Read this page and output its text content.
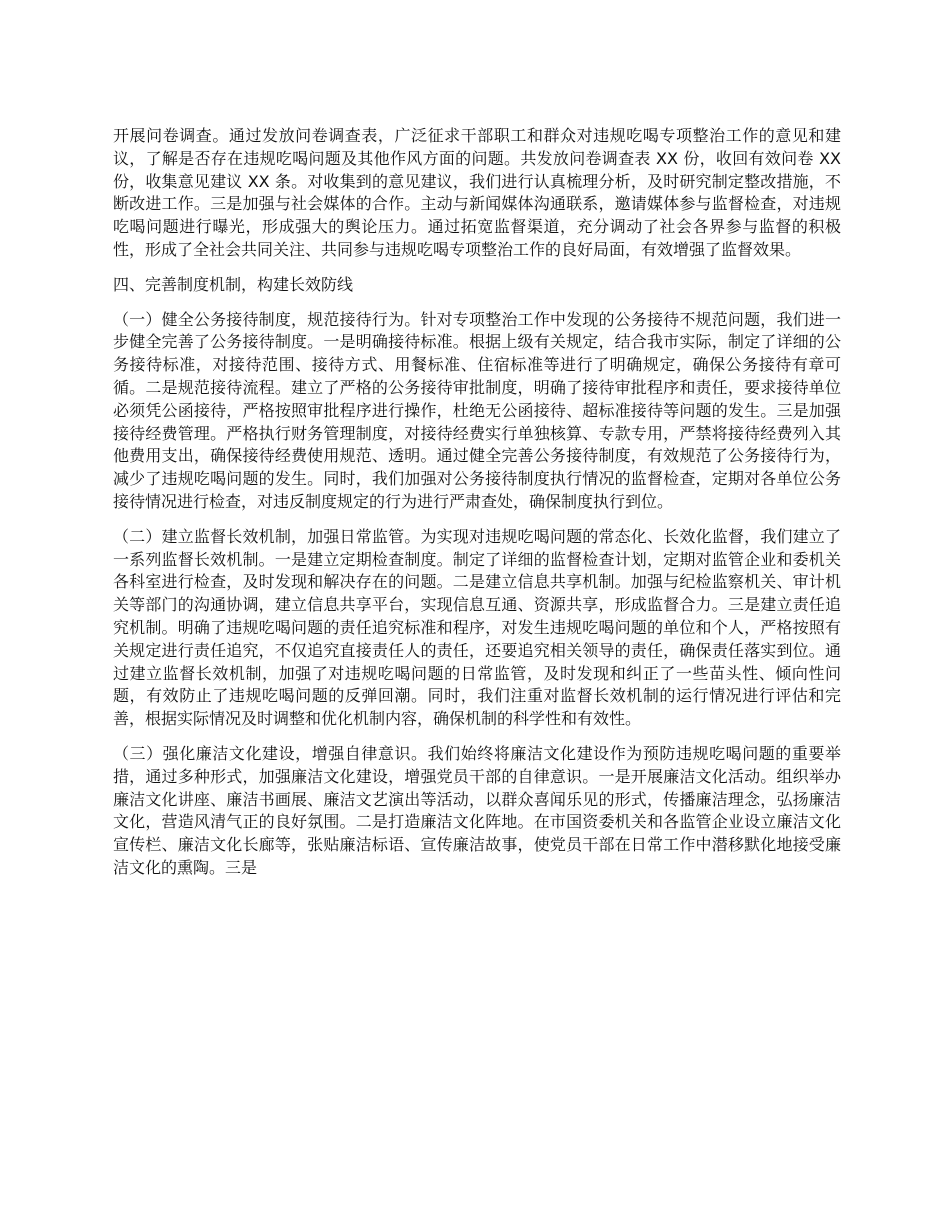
开展问卷调查。通过发放问卷调查表，广泛征求干部职工和群众对违规吃喝专项整治工作的意见和建议，了解是否存在违规吃喝问题及其他作风方面的问题。共发放问卷调查表 XX 份，收回有效问卷 XX 份，收集意见建议 XX 条。对收集到的意见建议，我们进行认真梳理分析，及时研究制定整改措施，不断改进工作。三是加强与社会媒体的合作。主动与新闻媒体沟通联系，邀请媒体参与监督检查，对违规吃喝问题进行曝光，形成强大的舆论压力。通过拓宽监督渠道，充分调动了社会各界参与监督的积极性，形成了全社会共同关注、共同参与违规吃喝专项整治工作的良好局面，有效增强了监督效果。

四、完善制度机制，构建长效防线

（一）健全公务接待制度，规范接待行为。针对专项整治工作中发现的公务接待不规范问题，我们进一步健全完善了公务接待制度。一是明确接待标准。根据上级有关规定，结合我市实际，制定了详细的公务接待标准，对接待范围、接待方式、用餐标准、住宿标准等进行了明确规定，确保公务接待有章可循。二是规范接待流程。建立了严格的公务接待审批制度，明确了接待审批程序和责任，要求接待单位必须凭公函接待，严格按照审批程序进行操作，杜绝无公函接待、超标准接待等问题的发生。三是加强接待经费管理。严格执行财务管理制度，对接待经费实行单独核算、专款专用，严禁将接待经费列入其他费用支出，确保接待经费使用规范、透明。通过健全完善公务接待制度，有效规范了公务接待行为，减少了违规吃喝问题的发生。同时，我们加强对公务接待制度执行情况的监督检查，定期对各单位公务接待情况进行检查，对违反制度规定的行为进行严肃查处，确保制度执行到位。

（二）建立监督长效机制，加强日常监管。为实现对违规吃喝问题的常态化、长效化监督，我们建立了一系列监督长效机制。一是建立定期检查制度。制定了详细的监督检查计划，定期对监管企业和委机关各科室进行检查，及时发现和解决存在的问题。二是建立信息共享机制。加强与纪检监察机关、审计机关等部门的沟通协调，建立信息共享平台，实现信息互通、资源共享，形成监督合力。三是建立责任追究机制。明确了违规吃喝问题的责任追究标准和程序，对发生违规吃喝问题的单位和个人，严格按照有关规定进行责任追究，不仅追究直接责任人的责任，还要追究相关领导的责任，确保责任落实到位。通过建立监督长效机制，加强了对违规吃喝问题的日常监管，及时发现和纠正了一些苗头性、倾向性问题，有效防止了违规吃喝问题的反弹回潮。同时，我们注重对监督长效机制的运行情况进行评估和完善，根据实际情况及时调整和优化机制内容，确保机制的科学性和有效性。

（三）强化廉洁文化建设，增强自律意识。我们始终将廉洁文化建设作为预防违规吃喝问题的重要举措，通过多种形式，加强廉洁文化建设，增强党员干部的自律意识。一是开展廉洁文化活动。组织举办廉洁文化讲座、廉洁书画展、廉洁文艺演出等活动，以群众喜闻乐见的形式，传播廉洁理念，弘扬廉洁文化，营造风清气正的良好氛围。二是打造廉洁文化阵地。在市国资委机关和各监管企业设立廉洁文化宣传栏、廉洁文化长廊等，张贴廉洁标语、宣传廉洁故事，使党员干部在日常工作中潜移默化地接受廉洁文化的熏陶。三是
